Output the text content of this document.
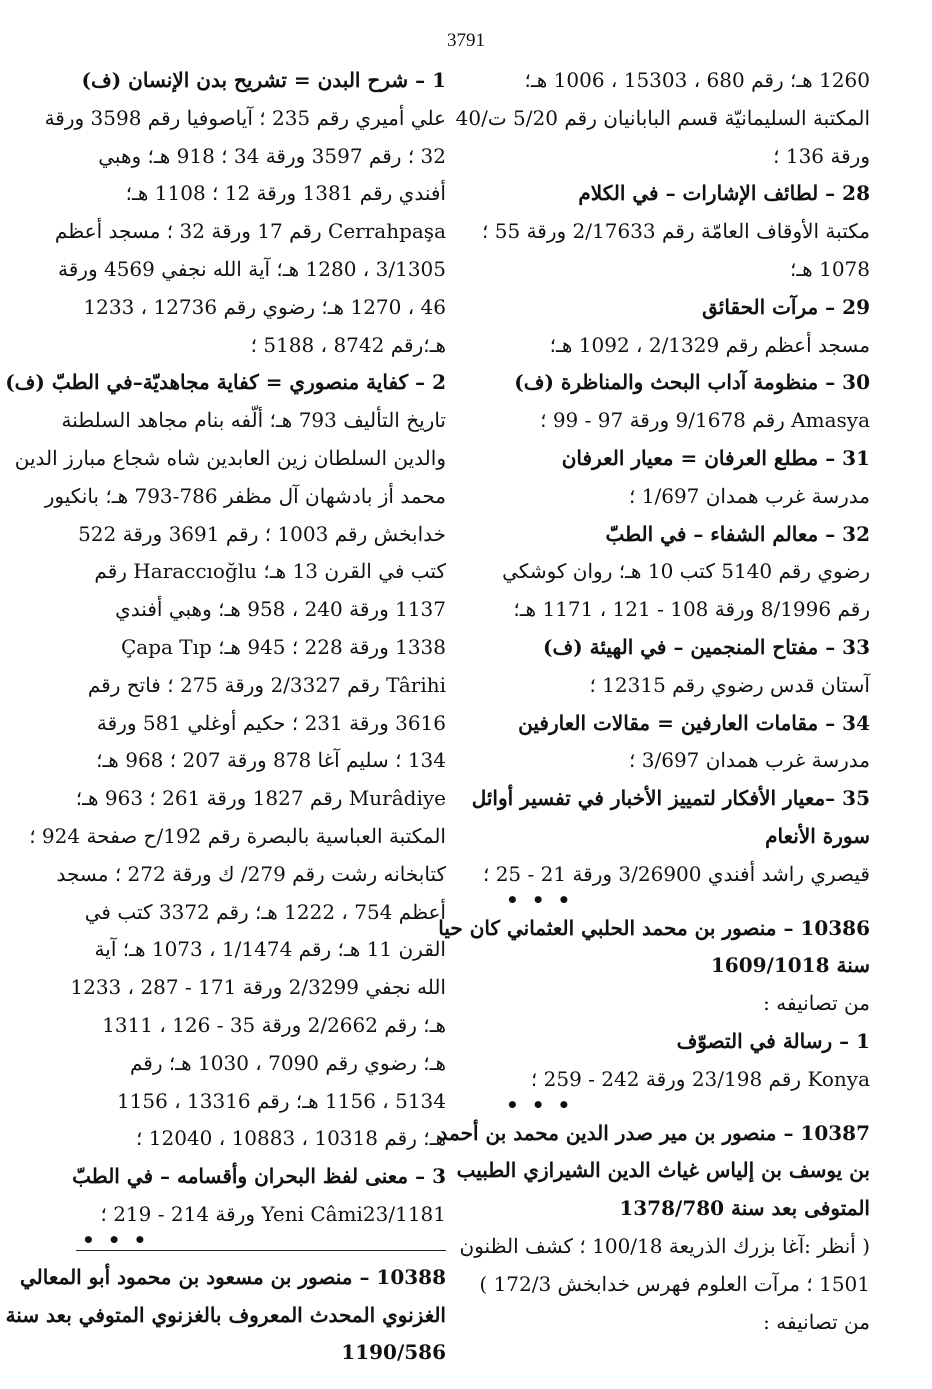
3791

1260 هـ؛ رقم 680 ، 15303 ، 1006 هـ؛

المكتبة السليمانيّة قسم البابانيان رقم 5/20 ت/40

ورقة 136 ؛

28 – لطائف الإشارات – في الكلام

مكتبة الأوقاف العامّة رقم 2/17633 ورقة 55 ؛

1078 هـ؛

29 – مرآت الحقائق

مسجد أعظم رقم 2/1329 ، 1092 هـ؛

30 – منظومة آداب البحث والمناظرة (ف)

Amasya رقم 9/1678 ورقة 97 - 99 ؛

31 – مطلع العرفان = معيار العرفان

مدرسة غرب همدان 1/697 ؛

32 – معالم الشفاء – في الطبّ

رضوي رقم 5140 كتب 10 هـ؛ روان كوشكي

رقم 8/1996 ورقة 108 - 121 ، 1171 هـ؛

33 – مفتاح المنجمين – في الهيئة (ف)

آستان قدس رضوي رقم 12315 ؛

34 – مقامات العارفين = مقالات العارفين

مدرسة غرب همدان 3/697 ؛

35 –معيار الأفكار لتمييز الأخبار في تفسير أوائل

سورة الأنعام

قيصري راشد أفندي 3/26900 ورقة 21 - 25 ؛

• • •

10386 – منصور بن محمد الحلبي العثماني كان حيا

سنة 1609/1018

من تصانيفه :

1 – رسالة في التصوّف

Konya رقم 23/198 ورقة 242 - 259 ؛

• • •

10387 – منصور بن مير صدر الدين محمد بن أحمد

بن يوسف بن إلياس غياث الدين الشيرازي الطبيب

المتوفى بعد سنة 1378/780

( أنظر :آغا بزرك الذريعة 100/18 ؛ كشف الظنون

1501 ؛ مرآت العلوم فهرس خدابخش 172/3 )

من تصانيفه :

1 – شرح البدن = تشريح بدن الإنسان (ف)

علي أميري رقم 235 ؛ آياصوفيا رقم 3598 ورقة

32 ؛ رقم 3597 ورقة 34 ؛ 918 هـ؛ وهبي

أفندي رقم 1381 ورقة 12 ؛ 1108 هـ؛

Cerrahpaşa رقم 17 ورقة 32 ؛ مسجد أعظم

3/1305 ، 1280 هـ؛ آية الله نجفي 4569 ورقة

46 ، 1270 هـ؛ رضوي رقم 12736 ، 1233

هـ؛رقم 8742 ، 5188 ؛

2 – كفاية منصوري = كفاية مجاهديّة–في الطبّ (ف)

تاريخ التأليف 793 هـ؛ ألّفه بنام مجاهد السلطنة

والدين السلطان زين العابدين شاه شجاع مبارز الدين

محمد أز بادشهان آل مظفر 786-793 هـ؛ بانكيور

خدابخش رقم 1003 ؛ رقم 3691 ورقة 522

كتب في القرن 13 هـ؛ Haraccıoğlu رقم

1137 ورقة 240 ، 958 هـ؛ وهبي أفندي

1338 ورقة 228 ؛ 945 هـ؛ Çapa Tıp

Târihi رقم 2/3327 ورقة 275 ؛ فاتح رقم

3616 ورقة 231 ؛ حكيم أوغلي 581 ورقة

134 ؛ سليم آغا 878 ورقة 207 ؛ 968 هـ؛

Murâdiye رقم 1827 ورقة 261 ؛ 963 هـ؛

المكتبة العباسية بالبصرة رقم 192/ح صفحة 924 ؛

كتابخانه رشت رقم 279/ ك ورقة 272 ؛ مسجد

أعظم 754 ، 1222 هـ؛ رقم 3372 كتب في

القرن 11 هـ؛ رقم 1/1474 ، 1073 هـ؛ آية

الله نجفي 2/3299 ورقة 171 - 287 ، 1233

هـ؛ رقم 2/2662 ورقة 35 - 126 ، 1311

هـ؛ رضوي رقم 7090 ، 1030 هـ؛ رقم

5134 ، 1156 هـ؛ رقم 13316 ، 1156

هـ؛ رقم 10318 ، 10883 ، 12040 ؛

3 – معنى لفظ البحران وأقسامه – في الطبّ

Yeni Câmi23/1181 ورقة 214 - 219 ؛

• • •

10388 – منصور بن مسعود بن محمود أبو المعالي

الغزنوي المحدث المعروف بالغزنوي المتوفي بعد سنة

1190/586
